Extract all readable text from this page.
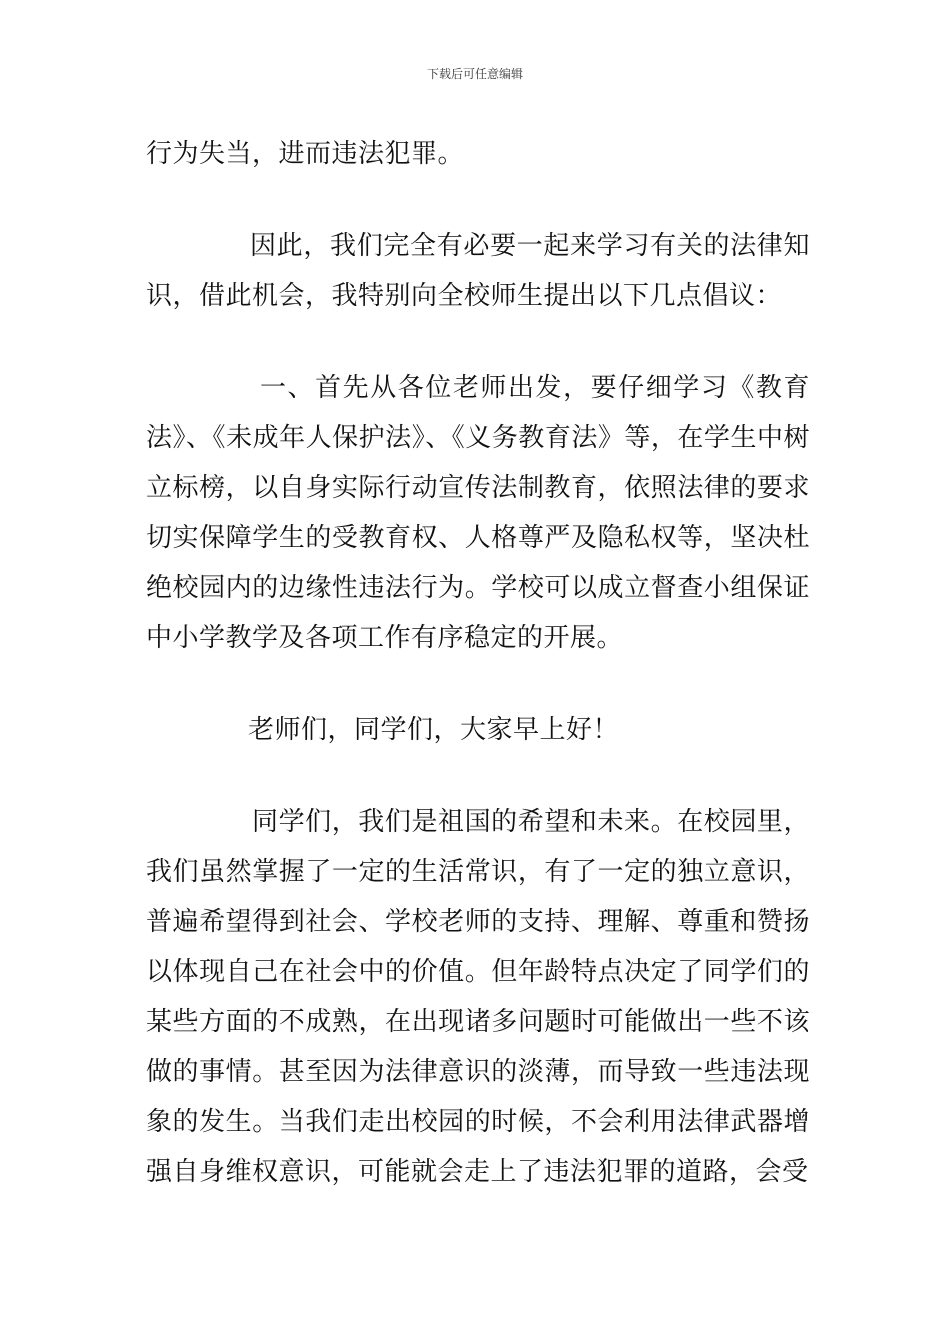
下载后可任意编辑

行为失当，进而违法犯罪。

因此，我们完全有必要一起来学习有关的法律知识，借此机会，我特别向全校师生提出以下几点倡议：

一、首先从各位老师出发，要仔细学习《教育法》、《未成年人保护法》、《义务教育法》等，在学生中树立标榜，以自身实际行动宣传法制教育，依照法律的要求切实保障学生的受教育权、人格尊严及隐私权等，坚决杜绝校园内的边缘性违法行为。学校可以成立督查小组保证中小学教学及各项工作有序稳定的开展。

老师们，同学们，大家早上好！

同学们，我们是祖国的希望和未来。在校园里，我们虽然掌握了一定的生活常识，有了一定的独立意识，普遍希望得到社会、学校老师的支持、理解、尊重和赞扬以体现自己在社会中的价值。但年龄特点决定了同学们的某些方面的不成熟，在出现诸多问题时可能做出一些不该做的事情。甚至因为法律意识的淡薄，而导致一些违法现象的发生。当我们走出校园的时候，不会利用法律武器增强自身维权意识，可能就会走上了违法犯罪的道路，会受
